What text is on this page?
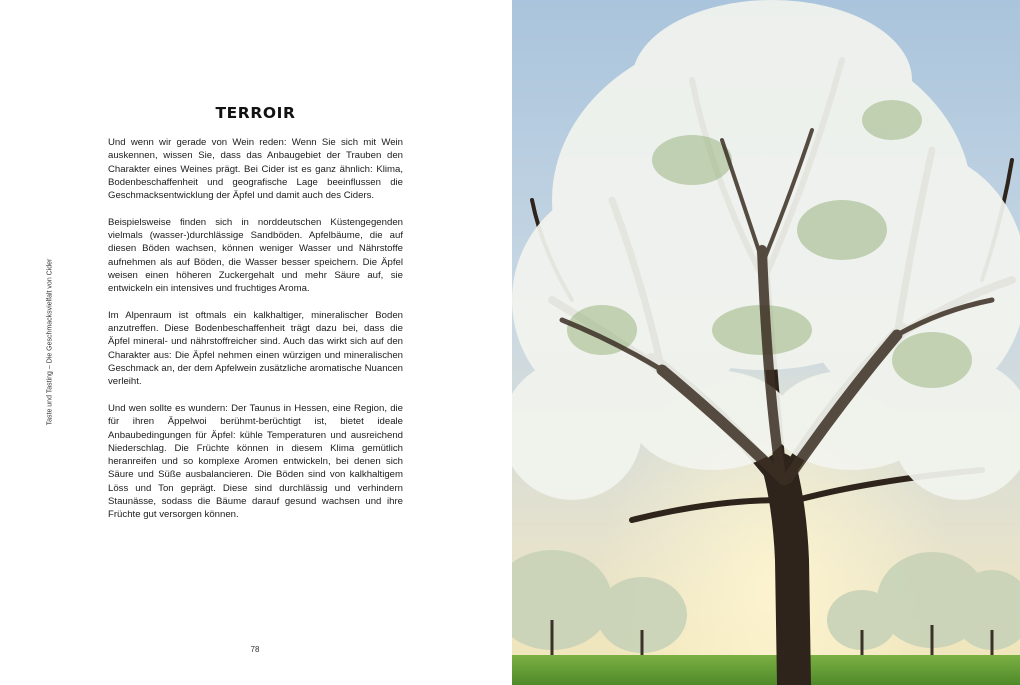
Taste und Tasting – Die Geschmacksvielfalt von Cider
TERROIR

Und wenn wir gerade von Wein reden: Wenn Sie sich mit Wein auskennen, wissen Sie, dass das Anbaugebiet der Trauben den Charakter eines Weines prägt. Bei Cider ist es ganz ähnlich: Klima, Bodenbeschaffenheit und geografische Lage beeinflussen die Geschmacksentwicklung der Äpfel und damit auch des Ciders.

Beispielsweise finden sich in norddeutschen Küstengegenden vielmals (wasser-)durchlässige Sandböden. Apfelbäume, die auf diesen Böden wachsen, können weniger Wasser und Nährstoffe aufnehmen als auf Böden, die Wasser besser speichern. Die Äpfel weisen einen höheren Zuckergehalt und mehr Säure auf, sie entwickeln ein intensives und fruchtiges Aroma.

Im Alpenraum ist oftmals ein kalkhaltiger, mineralischer Boden anzutreffen. Diese Bodenbeschaffenheit trägt dazu bei, dass die Äpfel mineral- und nährstoffreicher sind. Auch das wirkt sich auf den Charakter aus: Die Äpfel nehmen einen würzigen und mineralischen Geschmack an, der dem Apfelwein zusätzliche aromatische Nuancen verleiht.

Und wen sollte es wundern: Der Taunus in Hessen, eine Region, die für ihren Äppelwoi berühmt-berüchtigt ist, bietet ideale Anbaubedingungen für Äpfel: kühle Temperaturen und ausreichend Niederschlag. Die Früchte können in diesem Klima gemütlich heranreifen und so komplexe Aromen entwickeln, bei denen sich Säure und Süße ausbalancieren. Die Böden sind von kalkhaltigem Löss und Ton geprägt. Diese sind durchlässig und verhindern Staunässe, sodass die Bäume darauf gesund wachsen und ihre Früchte gut versorgen können.

78
